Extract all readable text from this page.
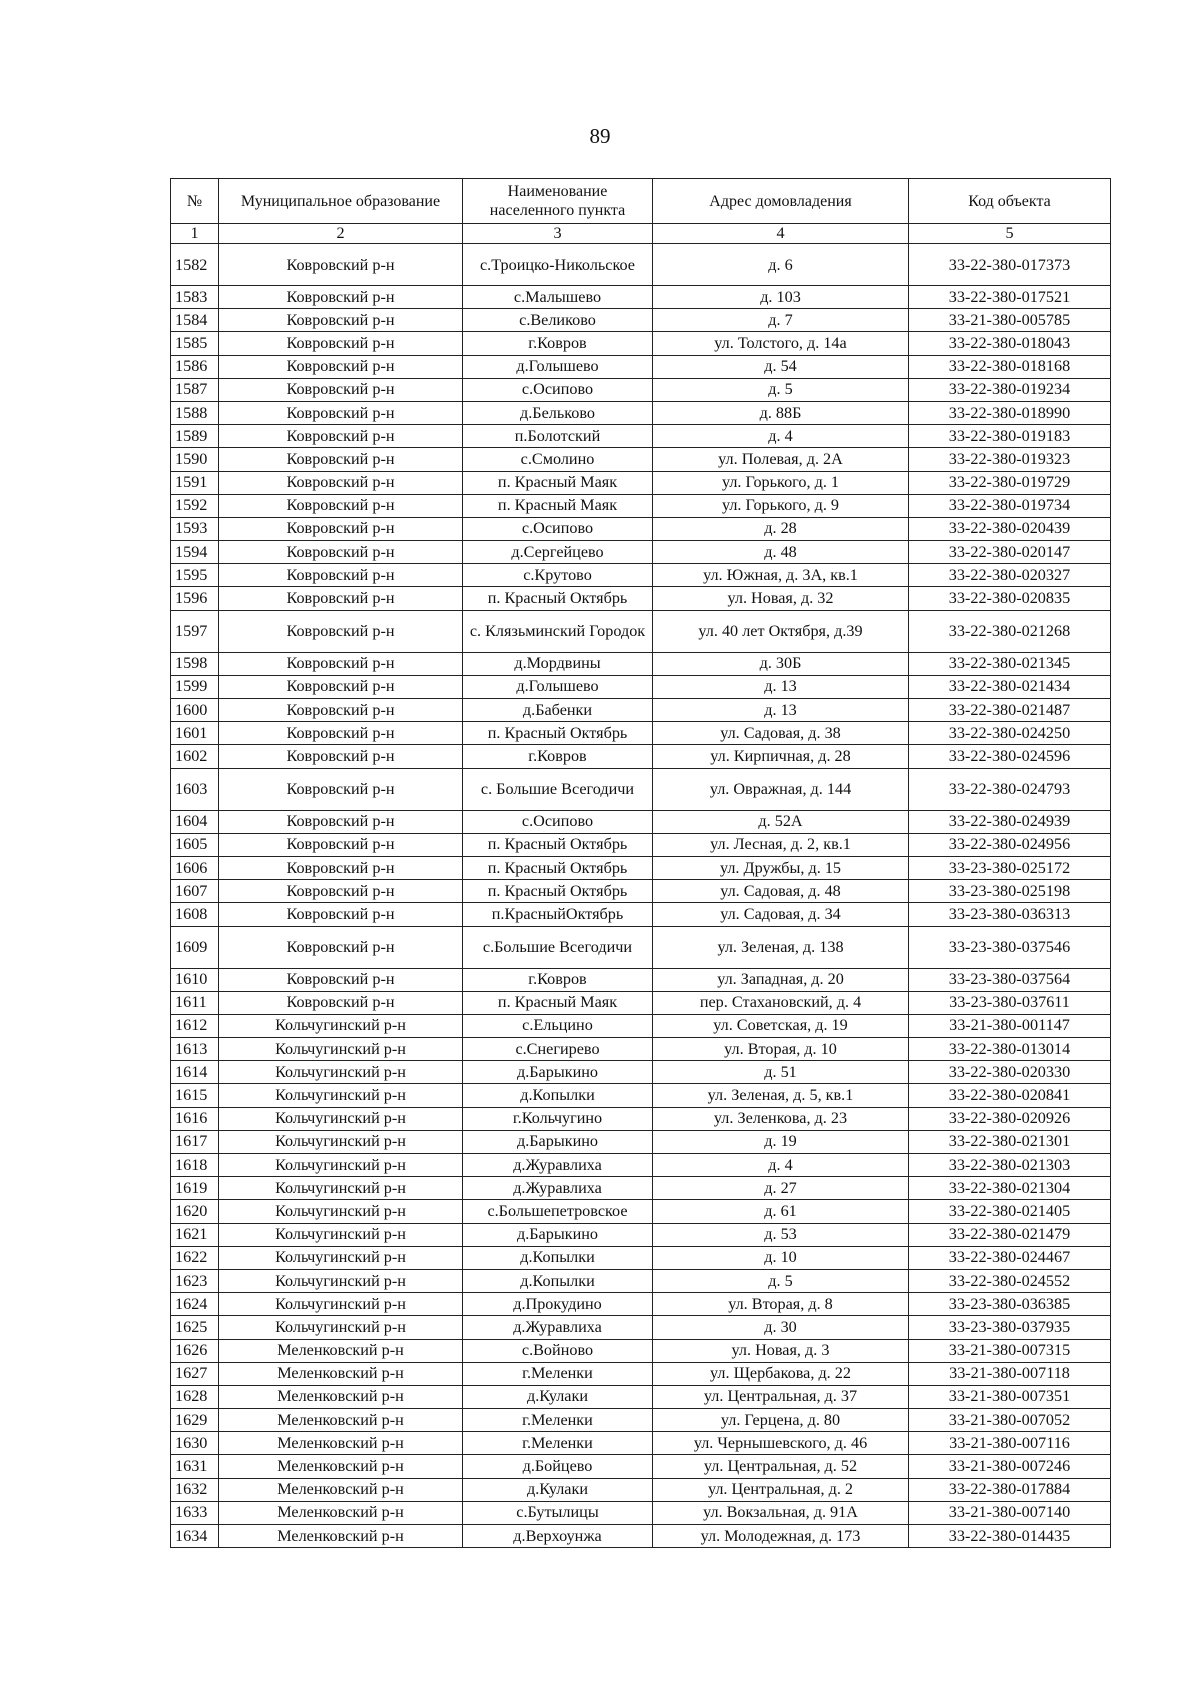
89
№	Муниципальное образование	Наименование населенного пункта	Адрес домовладения	Код объекта
1	2	3	4	5
1582	Ковровский р-н	с.Троицко-Никольское	д. 6	33-22-380-017373
1583	Ковровский р-н	с.Малышево	д. 103	33-22-380-017521
1584	Ковровский р-н	с.Великово	д. 7	33-21-380-005785
1585	Ковровский р-н	г.Ковров	ул. Толстого, д. 14а	33-22-380-018043
1586	Ковровский р-н	д.Голышево	д. 54	33-22-380-018168
1587	Ковровский р-н	с.Осипово	д. 5	33-22-380-019234
1588	Ковровский р-н	д.Бельково	д. 88Б	33-22-380-018990
1589	Ковровский р-н	п.Болотский	д. 4	33-22-380-019183
1590	Ковровский р-н	с.Смолино	ул. Полевая, д. 2А	33-22-380-019323
1591	Ковровский р-н	п. Красный Маяк	ул. Горького, д. 1	33-22-380-019729
1592	Ковровский р-н	п. Красный Маяк	ул. Горького, д. 9	33-22-380-019734
1593	Ковровский р-н	с.Осипово	д. 28	33-22-380-020439
1594	Ковровский р-н	д.Сергейцево	д. 48	33-22-380-020147
1595	Ковровский р-н	с.Крутово	ул. Южная, д. 3А, кв.1	33-22-380-020327
1596	Ковровский р-н	п. Красный Октябрь	ул. Новая, д. 32	33-22-380-020835
1597	Ковровский р-н	с. Клязьминский Городок	ул. 40 лет Октября, д.39	33-22-380-021268
1598	Ковровский р-н	д.Мордвины	д. 30Б	33-22-380-021345
1599	Ковровский р-н	д.Голышево	д. 13	33-22-380-021434
1600	Ковровский р-н	д.Бабенки	д. 13	33-22-380-021487
1601	Ковровский р-н	п. Красный Октябрь	ул. Садовая, д. 38	33-22-380-024250
1602	Ковровский р-н	г.Ковров	ул. Кирпичная, д. 28	33-22-380-024596
1603	Ковровский р-н	с. Большие Всегодичи	ул. Овражная, д. 144	33-22-380-024793
1604	Ковровский р-н	с.Осипово	д. 52А	33-22-380-024939
1605	Ковровский р-н	п. Красный Октябрь	ул. Лесная, д. 2, кв.1	33-22-380-024956
1606	Ковровский р-н	п. Красный Октябрь	ул. Дружбы, д. 15	33-23-380-025172
1607	Ковровский р-н	п. Красный Октябрь	ул. Садовая, д. 48	33-23-380-025198
1608	Ковровский р-н	п.КрасныйОктябрь	ул. Садовая, д. 34	33-23-380-036313
1609	Ковровский р-н	с.Большие Всегодичи	ул. Зеленая, д. 138	33-23-380-037546
1610	Ковровский р-н	г.Ковров	ул. Западная, д. 20	33-23-380-037564
1611	Ковровский р-н	п. Красный Маяк	пер. Стахановский, д. 4	33-23-380-037611
1612	Кольчугинский р-н	с.Ельцино	ул. Советская, д. 19	33-21-380-001147
1613	Кольчугинский р-н	с.Снегирево	ул. Вторая, д. 10	33-22-380-013014
1614	Кольчугинский р-н	д.Барыкино	д. 51	33-22-380-020330
1615	Кольчугинский р-н	д.Копылки	ул. Зеленая, д. 5, кв.1	33-22-380-020841
1616	Кольчугинский р-н	г.Кольчугино	ул. Зеленкова, д. 23	33-22-380-020926
1617	Кольчугинский р-н	д.Барыкино	д. 19	33-22-380-021301
1618	Кольчугинский р-н	д.Журавлиха	д. 4	33-22-380-021303
1619	Кольчугинский р-н	д.Журавлиха	д. 27	33-22-380-021304
1620	Кольчугинский р-н	с.Большепетровское	д. 61	33-22-380-021405
1621	Кольчугинский р-н	д.Барыкино	д. 53	33-22-380-021479
1622	Кольчугинский р-н	д.Копылки	д. 10	33-22-380-024467
1623	Кольчугинский р-н	д.Копылки	д. 5	33-22-380-024552
1624	Кольчугинский р-н	д.Прокудино	ул. Вторая, д. 8	33-23-380-036385
1625	Кольчугинский р-н	д.Журавлиха	д. 30	33-23-380-037935
1626	Меленковский р-н	с.Войново	ул. Новая, д. 3	33-21-380-007315
1627	Меленковский р-н	г.Меленки	ул. Щербакова, д. 22	33-21-380-007118
1628	Меленковский р-н	д.Кулаки	ул. Центральная, д. 37	33-21-380-007351
1629	Меленковский р-н	г.Меленки	ул. Герцена, д. 80	33-21-380-007052
1630	Меленковский р-н	г.Меленки	ул. Чернышевского, д. 46	33-21-380-007116
1631	Меленковский р-н	д.Бойцево	ул. Центральная, д. 52	33-21-380-007246
1632	Меленковский р-н	д.Кулаки	ул. Центральная, д. 2	33-22-380-017884
1633	Меленковский р-н	с.Бутылицы	ул. Вокзальная, д. 91А	33-21-380-007140
1634	Меленковский р-н	д.Верхоунжа	ул. Молодежная, д. 173	33-22-380-014435
